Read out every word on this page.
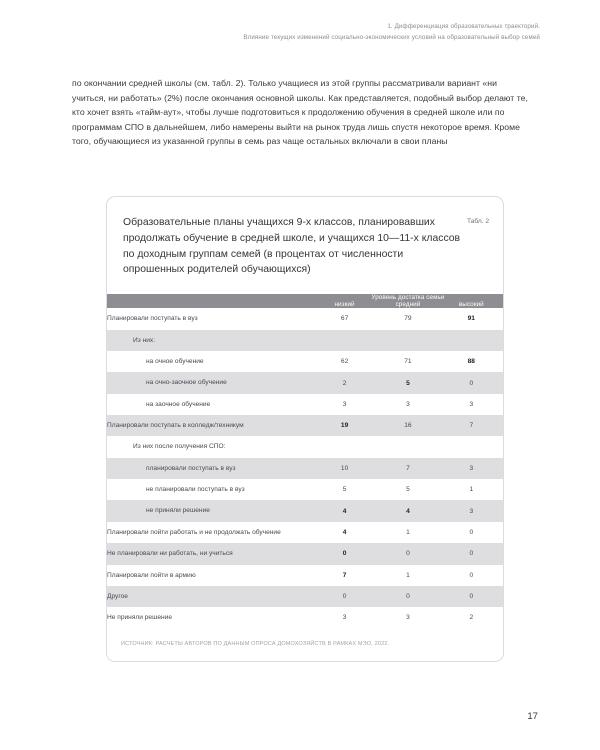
1. Дифференциация образовательных траекторий.
Влияние текущих изменений социально-экономических условий на образовательный выбор семей

по окончании средней школы (см. табл. 2). Только учащиеся из этой группы рассматривали вариант «ни учиться, ни работать» (2%) после окончания основной школы. Как представляется, подобный выбор делают те, кто хочет взять «тайм-аут», чтобы лучше подготовиться к продолжению обучения в средней школе или по программам СПО в дальнейшем, либо намерены выйти на рынок труда лишь спустя некоторое время. Кроме того, обучающиеся из указанной группы в семь раз чаще остальных включали в свои планы

Образовательные планы учащихся 9-х классов, планировавших продолжать обучение в средней школе, и учащихся 10—11-х классов по доходным группам семей (в процентах от численности опрошенных родителей обучающихся)
Табл. 2
	Уровень достатка семьи		
	низкий	средний	высокий
Планировали поступать в вуз	67	79	91
Из них:			
на очное обучение	62	71	88
на очно-заочное обучение	2	5	0
на заочное обучение	3	3	3
Планировали поступать в колледж/техникум	19	16	7
Из них после получения СПО:			
планировали поступать в вуз	10	7	3
не планировали поступать в вуз	5	5	1
не приняли решение	4	4	3
Планировали пойти работать и не продолжать обучение	4	1	0
Не планировали ни работать, ни учиться	0	0	0
Планировали пойти в армию	7	1	0
Другое	0	0	0
Не приняли решение	3	3	2
ИСТОЧНИК: РАСЧЕТЫ АВТОРОВ ПО ДАННЫМ ОПРОСА ДОМОХОЗЯЙСТВ В РАМКАХ МЭО, 2022.
17
